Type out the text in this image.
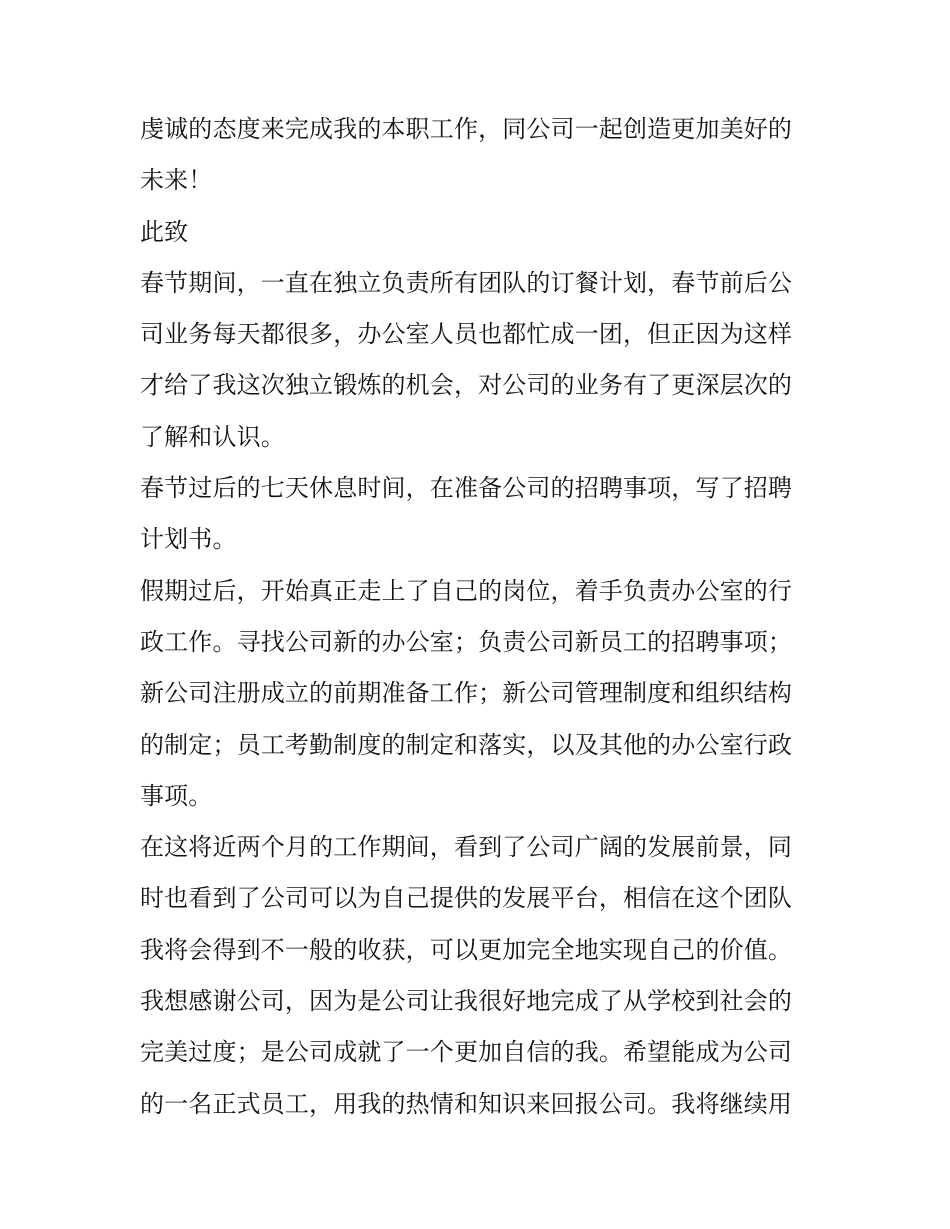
虔诚的态度来完成我的本职工作，同公司一起创造更加美好的
未来！
此致
春节期间，一直在独立负责所有团队的订餐计划，春节前后公
司业务每天都很多，办公室人员也都忙成一团，但正因为这样
才给了我这次独立锻炼的机会，对公司的业务有了更深层次的
了解和认识。
春节过后的七天休息时间，在准备公司的招聘事项，写了招聘
计划书。
假期过后，开始真正走上了自己的岗位，着手负责办公室的行
政工作。寻找公司新的办公室；负责公司新员工的招聘事项；
新公司注册成立的前期准备工作；新公司管理制度和组织结构
的制定；员工考勤制度的制定和落实，以及其他的办公室行政
事项。
在这将近两个月的工作期间，看到了公司广阔的发展前景，同
时也看到了公司可以为自己提供的发展平台，相信在这个团队
我将会得到不一般的收获，可以更加完全地实现自己的价值。
我想感谢公司，因为是公司让我很好地完成了从学校到社会的
完美过度；是公司成就了一个更加自信的我。希望能成为公司
的一名正式员工，用我的热情和知识来回报公司。我将继续用
